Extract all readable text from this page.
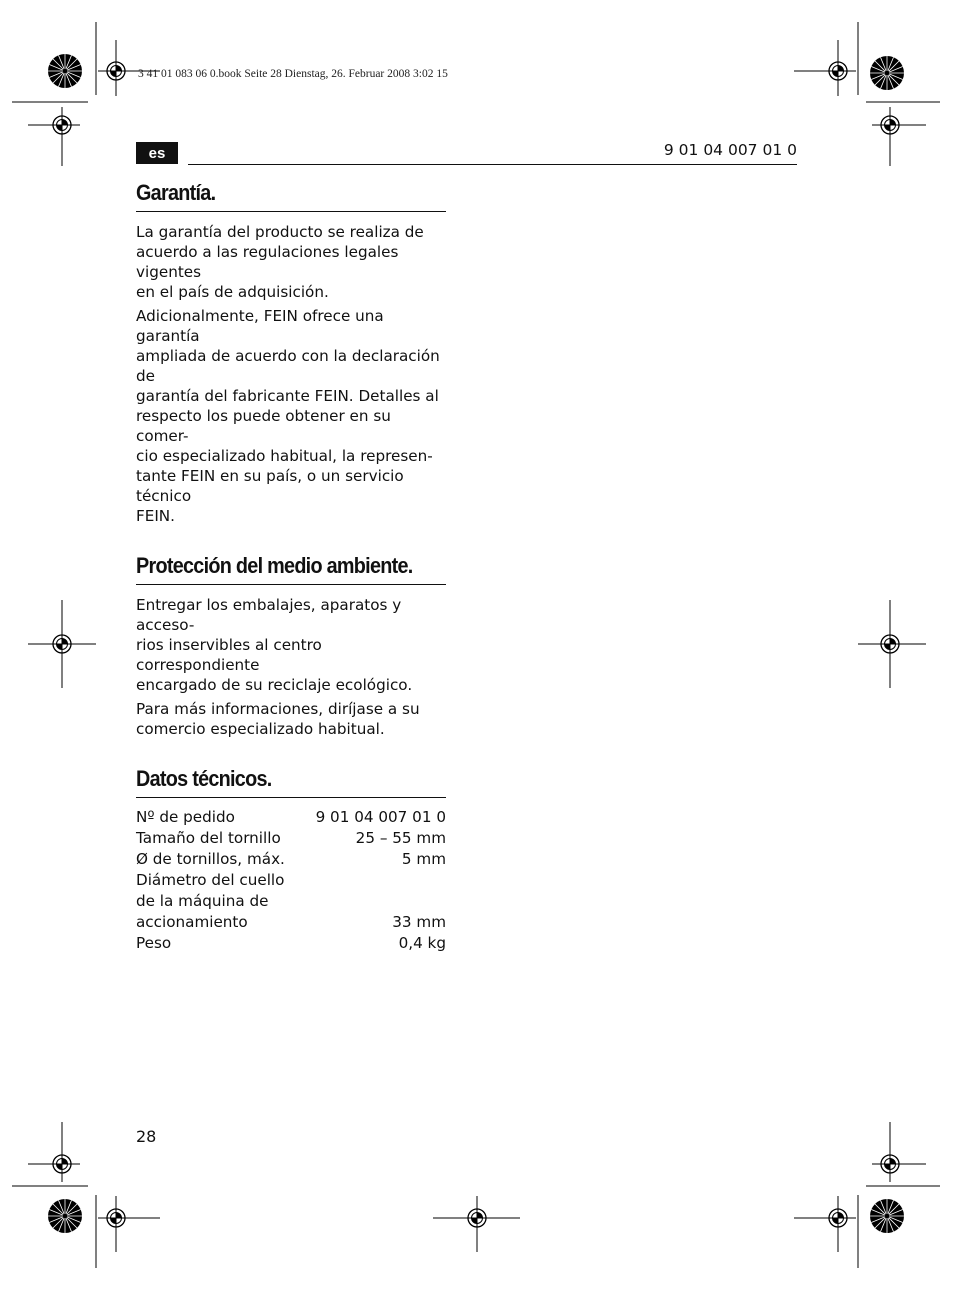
3 41 01 083 06 0.book Seite 28 Dienstag, 26. Februar 2008 3:02 15
es	9 01 04 007 01 0
Garantía.

La garantía del producto se realiza de
acuerdo a las regulaciones legales vigentes
en el país de adquisición.

Adicionalmente, FEIN ofrece una garantía
ampliada de acuerdo con la declaración de
garantía del fabricante FEIN. Detalles al
respecto los puede obtener en su comer-
cio especializado habitual, la represen-
tante FEIN en su país, o un servicio técnico
FEIN.

Protección del medio ambiente.

Entregar los embalajes, aparatos y acceso-
rios inservibles al centro correspondiente
encargado de su reciclaje ecológico.

Para más informaciones, diríjase a su
comercio especializado habitual.

Datos técnicos.
Nº de pedido	9 01 04 007 01 0
Tamaño del tornillo	25 – 55 mm
Ø de tornillos, máx.	5 mm
Diámetro del cuello
de la máquina de
accionamiento	33 mm
Peso	0,4 kg
28
